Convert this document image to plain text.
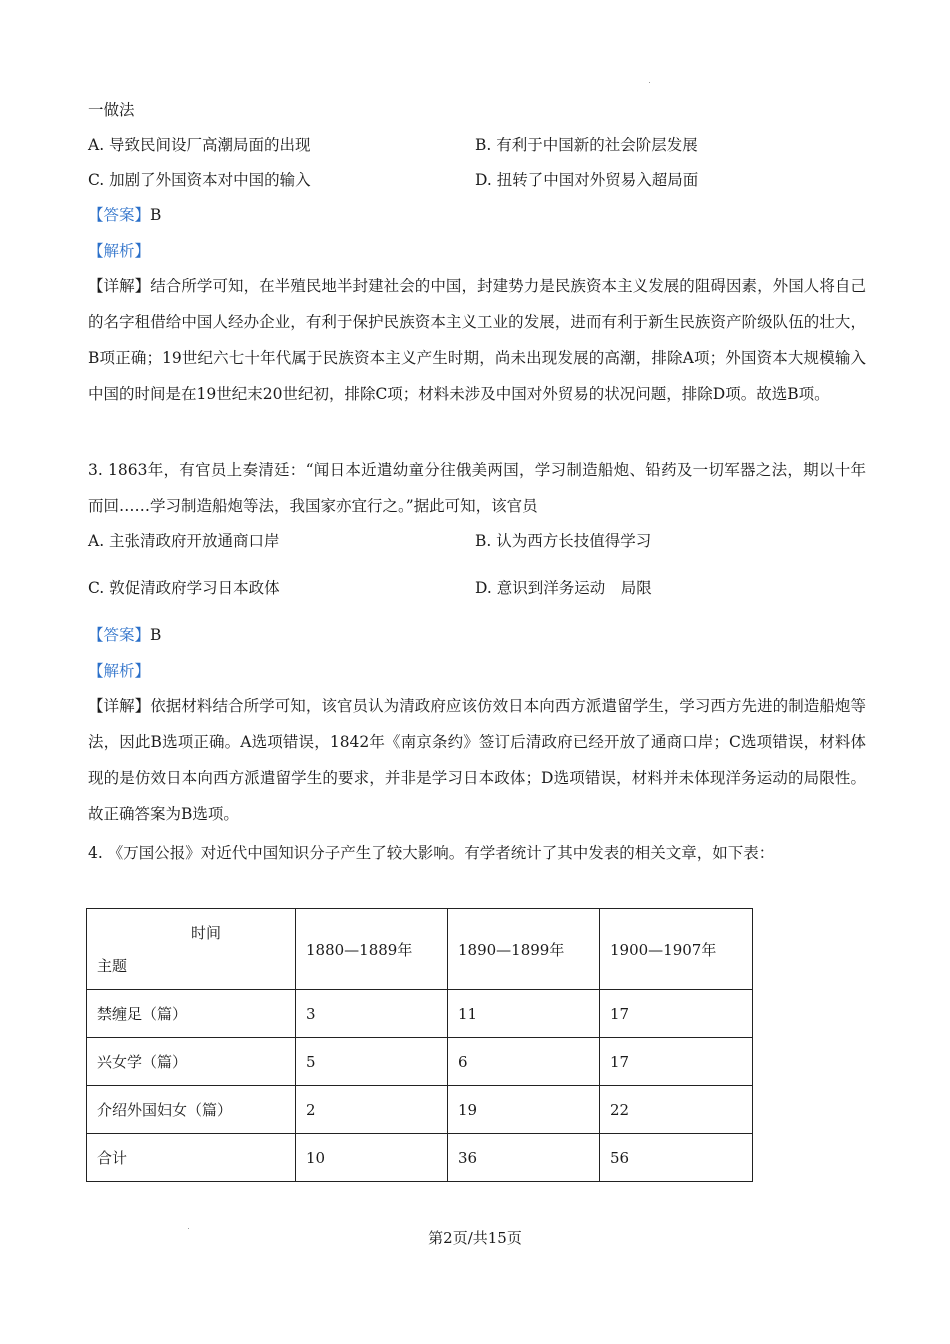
一做法
A. 导致民间设厂高潮局面的出现	B. 有利于中国新的社会阶层发展
C. 加剧了外国资本对中国的输入	D. 扭转了中国对外贸易入超局面
【答案】B
【解析】
【详解】结合所学可知，在半殖民地半封建社会的中国，封建势力是民族资本主义发展的阻碍因素，外国人将自己的名字租借给中国人经办企业，有利于保护民族资本主义工业的发展，进而有利于新生民族资产阶级队伍的壮大，B项正确；19世纪六七十年代属于民族资本主义产生时期，尚未出现发展的高潮，排除A项；外国资本大规模输入中国的时间是在19世纪末20世纪初，排除C项；材料未涉及中国对外贸易的状况问题，排除D项。故选B项。
3. 1863年，有官员上奏清廷：“闻日本近遣幼童分往俄美两国，学习制造船炮、铅药及一切军器之法，期以十年而回……学习制造船炮等法，我国家亦宜行之。”据此可知，该官员
A. 主张清政府开放通商口岸	B. 认为西方长技值得学习
C. 敦促清政府学习日本政体	D. 意识到洋务运动　局限
【答案】B
【解析】
【详解】依据材料结合所学可知，该官员认为清政府应该仿效日本向西方派遣留学生，学习西方先进的制造船炮等法，因此B选项正确。A选项错误，1842年《南京条约》签订后清政府已经开放了通商口岸；C选项错误，材料体现的是仿效日本向西方派遣留学生的要求，并非是学习日本政体；D选项错误，材料并未体现洋务运动的局限性。故正确答案为B选项。
4. 《万国公报》对近代中国知识分子产生了较大影响。有学者统计了其中发表的相关文章，如下表：
时间
主题	1880—1889年	1890—1899年	1900—1907年
禁缠足（篇）	3	11	17
兴女学（篇）	5	6	17
介绍外国妇女（篇）	2	19	22
合计	10	36	56
第2页/共15页
